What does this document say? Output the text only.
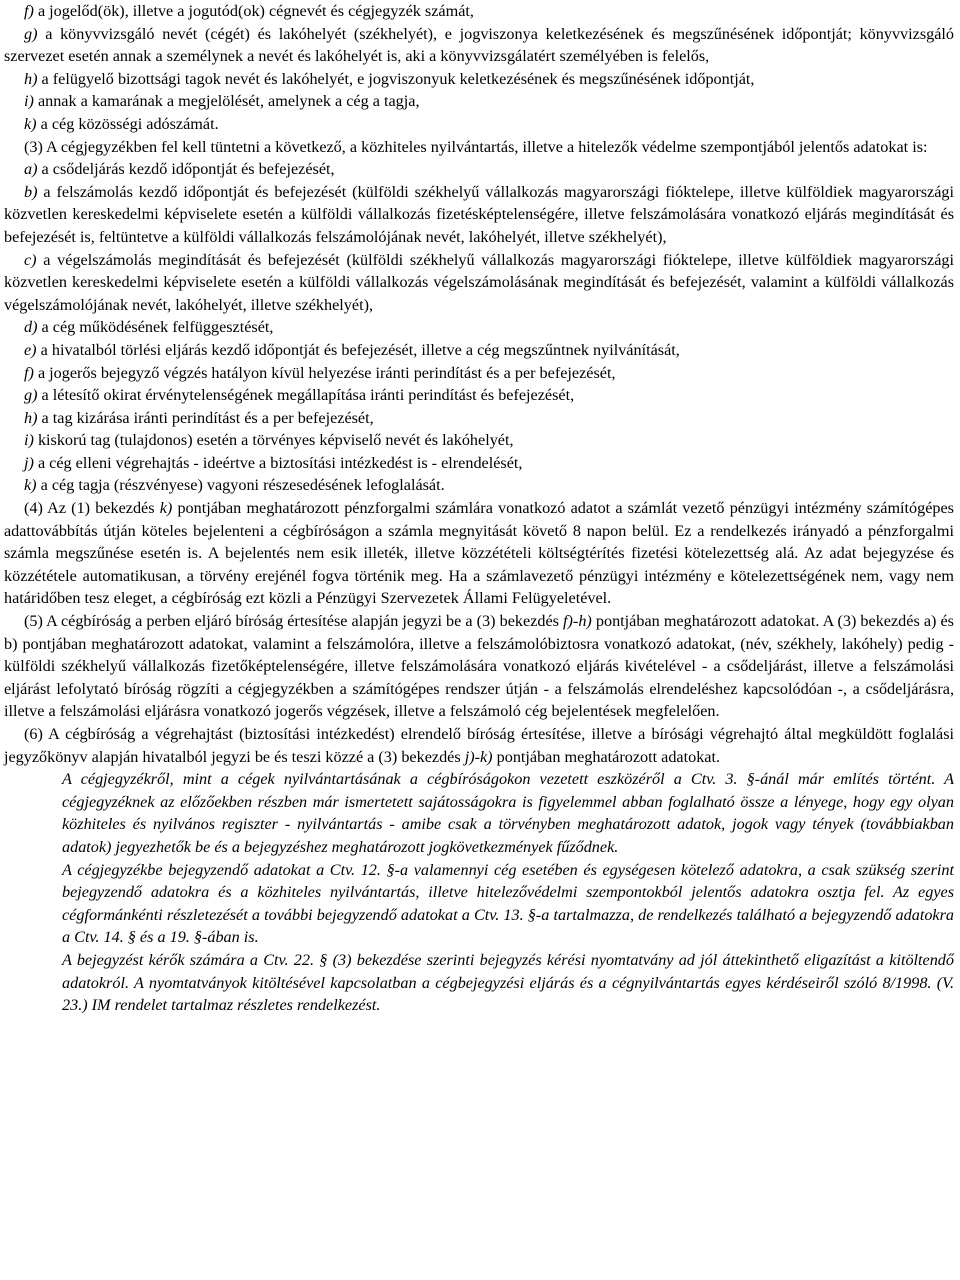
f) a jogelőd(ök), illetve a jogutód(ok) cégnevét és cégjegyzék számát,

g) a könyvvizsgáló nevét (cégét) és lakóhelyét (székhelyét), e jogviszonya keletkezésének és megszűnésének időpontját; könyvvizsgáló szervezet esetén annak a személynek a nevét és lakóhelyét is, aki a könyvvizsgálatért személyében is felelős,

h) a felügyelő bizottsági tagok nevét és lakóhelyét, e jogviszonyuk keletkezésének és megszűnésének időpontját,

i) annak a kamarának a megjelölését, amelynek a cég a tagja,

k) a cég közösségi adószámát.

(3) A cégjegyzékben fel kell tüntetni a következő, a közhiteles nyilvántartás, illetve a hitelezők védelme szempontjából jelentős adatokat is:

a) a csődeljárás kezdő időpontját és befejezését,

b) a felszámolás kezdő időpontját és befejezését (külföldi székhelyű vállalkozás magyarországi fióktelepe, illetve külföldiek magyarországi közvetlen kereskedelmi képviselete esetén a külföldi vállalkozás fizetésképtelenségére, illetve felszámolására vonatkozó eljárás megindítását és befejezését is, feltüntetve a külföldi vállalkozás felszámolójának nevét, lakóhelyét, illetve székhelyét),

c) a végelszámolás megindítását és befejezését (külföldi székhelyű vállalkozás magyarországi fióktelepe, illetve külföldiek magyarországi közvetlen kereskedelmi képviselete esetén a külföldi vállalkozás végelszámolásának megindítását és befejezését, valamint a külföldi vállalkozás végelszámolójának nevét, lakóhelyét, illetve székhelyét),

d) a cég működésének felfüggesztését,

e) a hivatalból törlési eljárás kezdő időpontját és befejezését, illetve a cég megszűntnek nyilvánítását,

f) a jogerős bejegyző végzés hatályon kívül helyezése iránti perindítást és a per befejezését,

g) a létesítő okirat érvénytelenségének megállapítása iránti perindítást és befejezését,

h) a tag kizárása iránti perindítást és a per befejezését,

i) kiskorú tag (tulajdonos) esetén a törvényes képviselő nevét és lakóhelyét,

j) a cég elleni végrehajtás - ideértve a biztosítási intézkedést is - elrendelését,

k) a cég tagja (részvényese) vagyoni részesedésének lefoglalását.

(4) Az (1) bekezdés k) pontjában meghatározott pénzforgalmi számlára vonatkozó adatot a számlát vezető pénzügyi intézmény számítógépes adattovábbítás útján köteles bejelenteni a cégbíróságon a számla megnyitását követő 8 napon belül. Ez a rendelkezés irányadó a pénzforgalmi számla megszűnése esetén is. A bejelentés nem esik illeték, illetve közzétételi költségtérítés fizetési kötelezettség alá. Az adat bejegyzése és közzététele automatikusan, a törvény erejénél fogva történik meg. Ha a számlavezető pénzügyi intézmény e kötelezettségének nem, vagy nem határidőben tesz eleget, a cégbíróság ezt közli a Pénzügyi Szervezetek Állami Felügyeletével.

(5) A cégbíróság a perben eljáró bíróság értesítése alapján jegyzi be a (3) bekezdés f)-h) pontjában meghatározott adatokat. A (3) bekezdés a) és b) pontjában meghatározott adatokat, valamint a felszámolóra, illetve a felszámolóbiztosra vonatkozó adatokat, (név, székhely, lakóhely) pedig - külföldi székhelyű vállalkozás fizetőképtelenségére, illetve felszámolására vonatkozó eljárás kivételével - a csődeljárást, illetve a felszámolási eljárást lefolytató bíróság rögzíti a cégjegyzékben a számítógépes rendszer útján - a felszámolás elrendeléshez kapcsolódóan -, a csődeljárásra, illetve a felszámolási eljárásra vonatkozó jogerős végzések, illetve a felszámoló cég bejelentések megfelelően.

(6) A cégbíróság a végrehajtást (biztosítási intézkedést) elrendelő bíróság értesítése, illetve a bírósági végrehajtó által megküldött foglalási jegyzőkönyv alapján hivatalból jegyzi be és teszi közzé a (3) bekezdés j)-k) pontjában meghatározott adatokat.

A cégjegyzékről, mint a cégek nyilvántartásának a cégbíróságokon vezetett eszközéről a Ctv. 3. §-ánál már említés történt. A cégjegyzéknek az előzőekben részben már ismertetett sajátosságokra is figyelemmel abban foglalható össze a lényege, hogy egy olyan közhiteles és nyilvános regiszter - nyilvántartás - amibe csak a törvényben meghatározott adatok, jogok vagy tények (továbbiakban adatok) jegyezhetők be és a bejegyzéshez meghatározott jogkövetkezmények fűződnek.

A cégjegyzékbe bejegyzendő adatokat a Ctv. 12. §-a valamennyi cég esetében és egységesen kötelező adatokra, a csak szükség szerint bejegyzendő adatokra és a közhiteles nyilvántartás, illetve hitelezővédelmi szempontokból jelentős adatokra osztja fel. Az egyes cégformánkénti részletezését a további bejegyzendő adatokat a Ctv. 13. §-a tartalmazza, de rendelkezés található a bejegyzendő adatokra a Ctv. 14. § és a 19. §-ában is.

A bejegyzést kérők számára a Ctv. 22. § (3) bekezdése szerinti bejegyzés kérési nyomtatvány ad jól áttekinthető eligazítást a kitöltendő adatokról. A nyomtatványok kitöltésével kapcsolatban a cégbejegyzési eljárás és a cégnyilvántartás egyes kérdéseiről szóló 8/1998. (V. 23.) IM rendelet tartalmaz részletes rendelkezést.
